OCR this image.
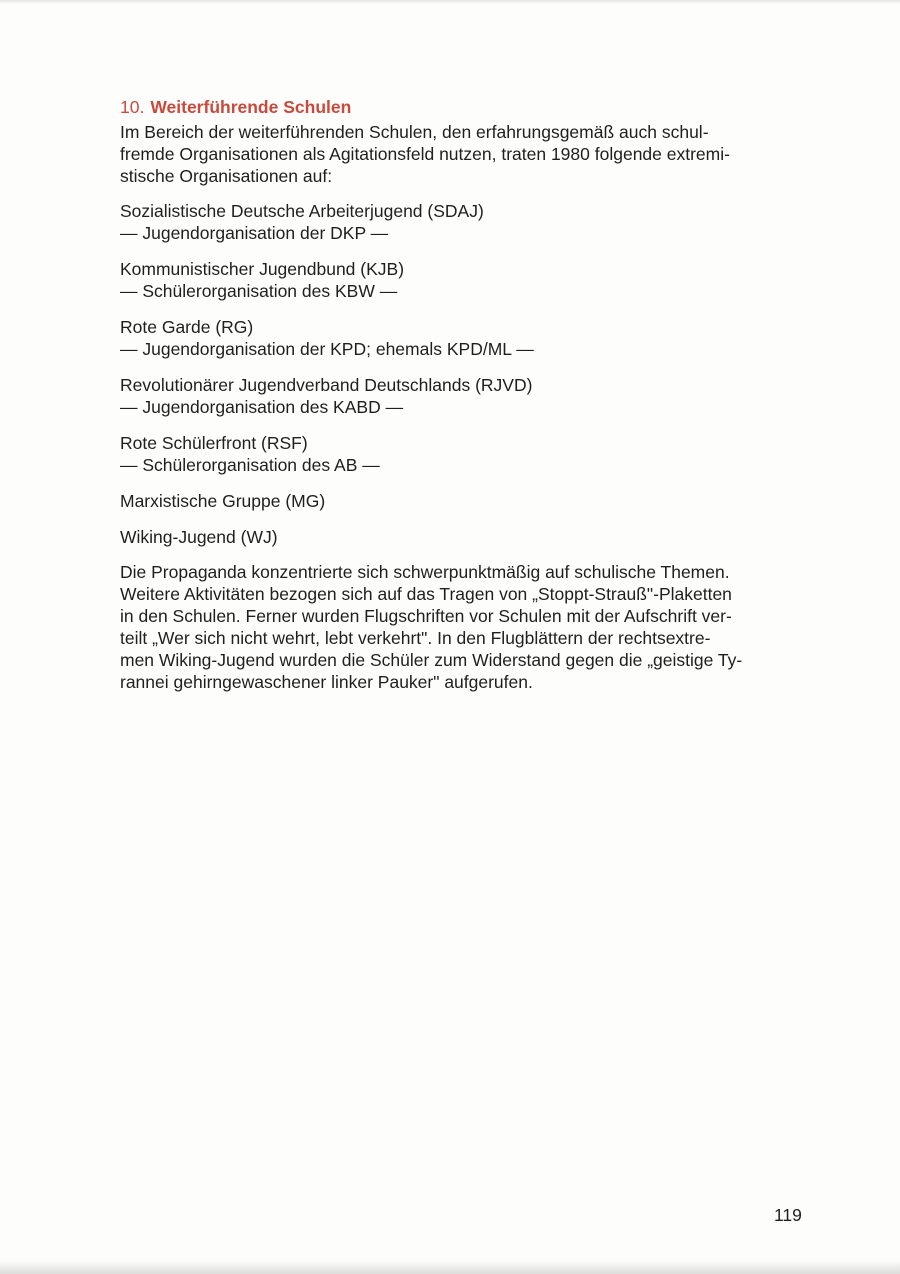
10. Weiterführende Schulen

Im Bereich der weiterführenden Schulen, den erfahrungsgemäß auch schul-
fremde Organisationen als Agitationsfeld nutzen, traten 1980 folgende extremi-
stische Organisationen auf:

Sozialistische Deutsche Arbeiterjugend (SDAJ)
— Jugendorganisation der DKP —
Kommunistischer Jugendbund (KJB)
— Schülerorganisation des KBW —
Rote Garde (RG)
— Jugendorganisation der KPD; ehemals KPD/ML —
Revolutionärer Jugendverband Deutschlands (RJVD)
— Jugendorganisation des KABD —
Rote Schülerfront (RSF)
— Schülerorganisation des AB —
Marxistische Gruppe (MG)
Wiking-Jugend (WJ)

Die Propaganda konzentrierte sich schwerpunktmäßig auf schulische Themen.
Weitere Aktivitäten bezogen sich auf das Tragen von „Stoppt-Strauß"-Plaketten
in den Schulen. Ferner wurden Flugschriften vor Schulen mit der Aufschrift ver-
teilt „Wer sich nicht wehrt, lebt verkehrt". In den Flugblättern der rechtsextre-
men Wiking-Jugend wurden die Schüler zum Widerstand gegen die „geistige Ty-
rannei gehirngewaschener linker Pauker" aufgerufen.

119
